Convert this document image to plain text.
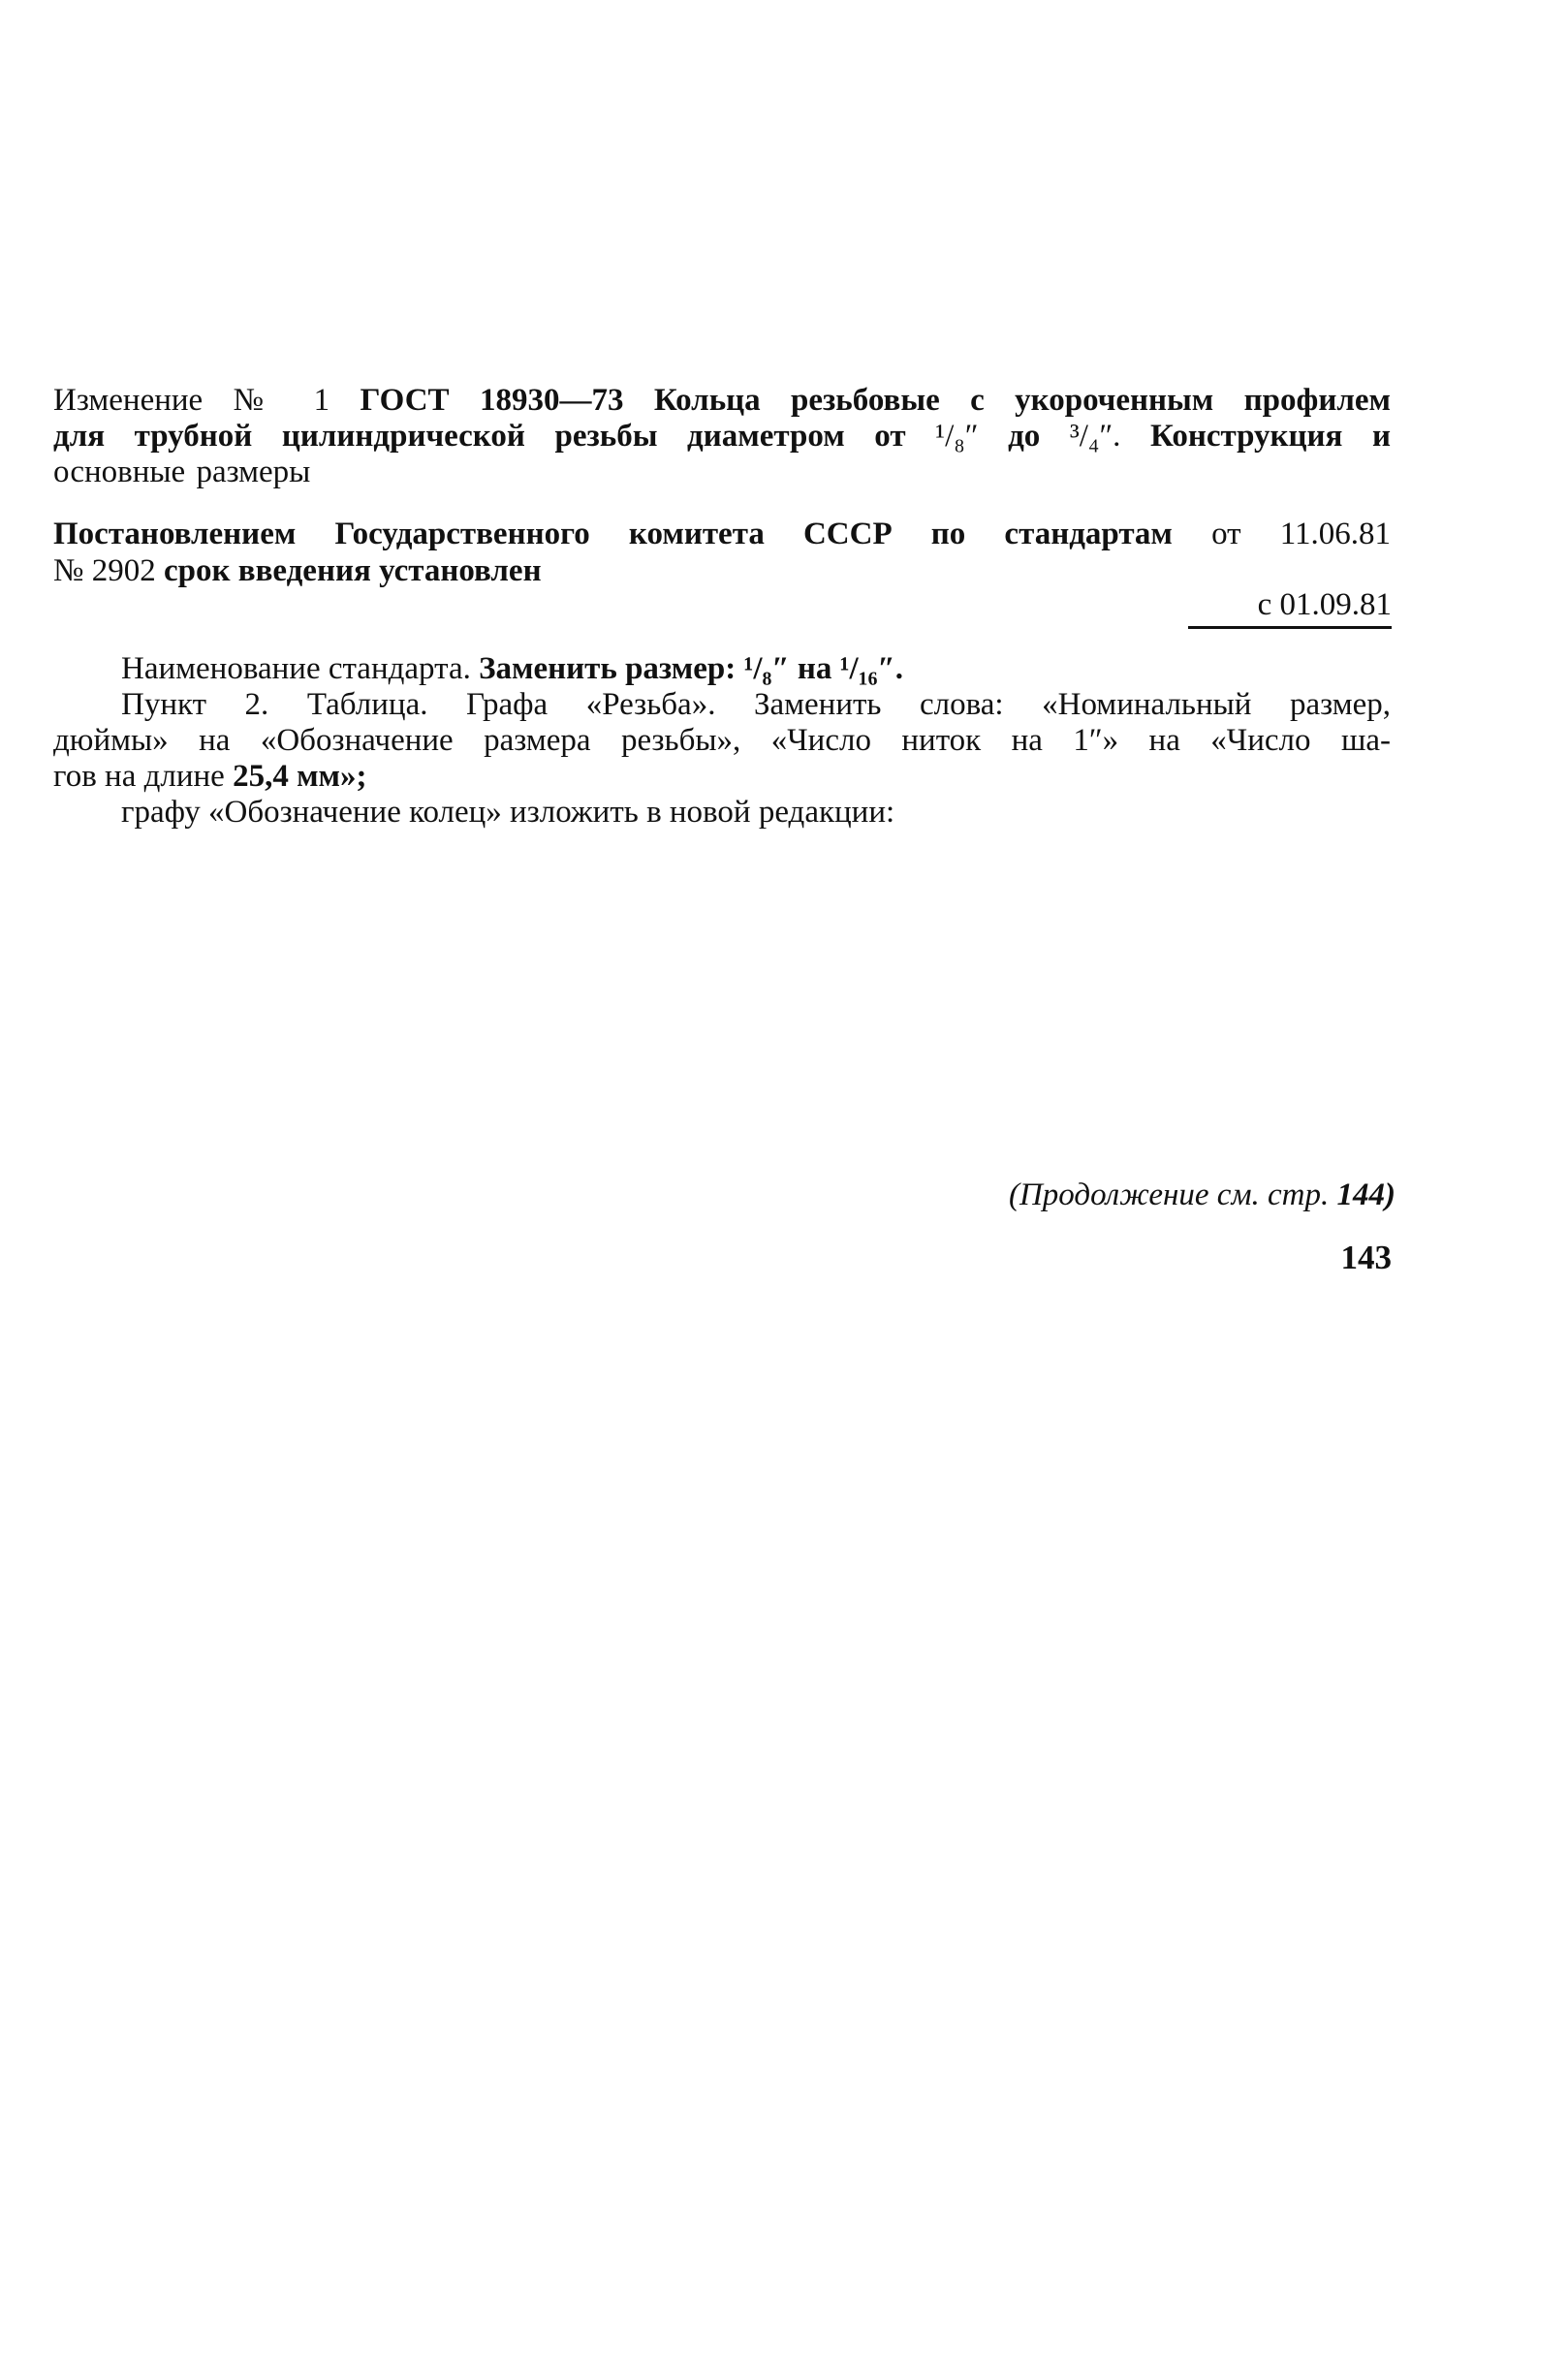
Изменение № 1 ГОСТ 18930—73 Кольца резьбовые с укороченным профилем
для трубной цилиндрической резьбы диаметром от ¹/₈″ до ³/₄″. Конструкция и
основные размеры
Постановлением Государственного комитета СССР по стандартам от 11.06.81
№ 2902 срок введения установлен
с 01.09.81
Наименование стандарта. Заменить размер: ¹/₈″ на ¹/₁₆″.
Пункт 2. Таблица. Графа «Резьба». Заменить слова: «Номинальный размер,
дюймы» на «Обозначение размера резьбы», «Число ниток на 1″» на «Число ша-
гов на длине 25,4 мм»;
графу «Обозначение колец» изложить в новой редакции:
(Продолжение см. стр. 144)
143
